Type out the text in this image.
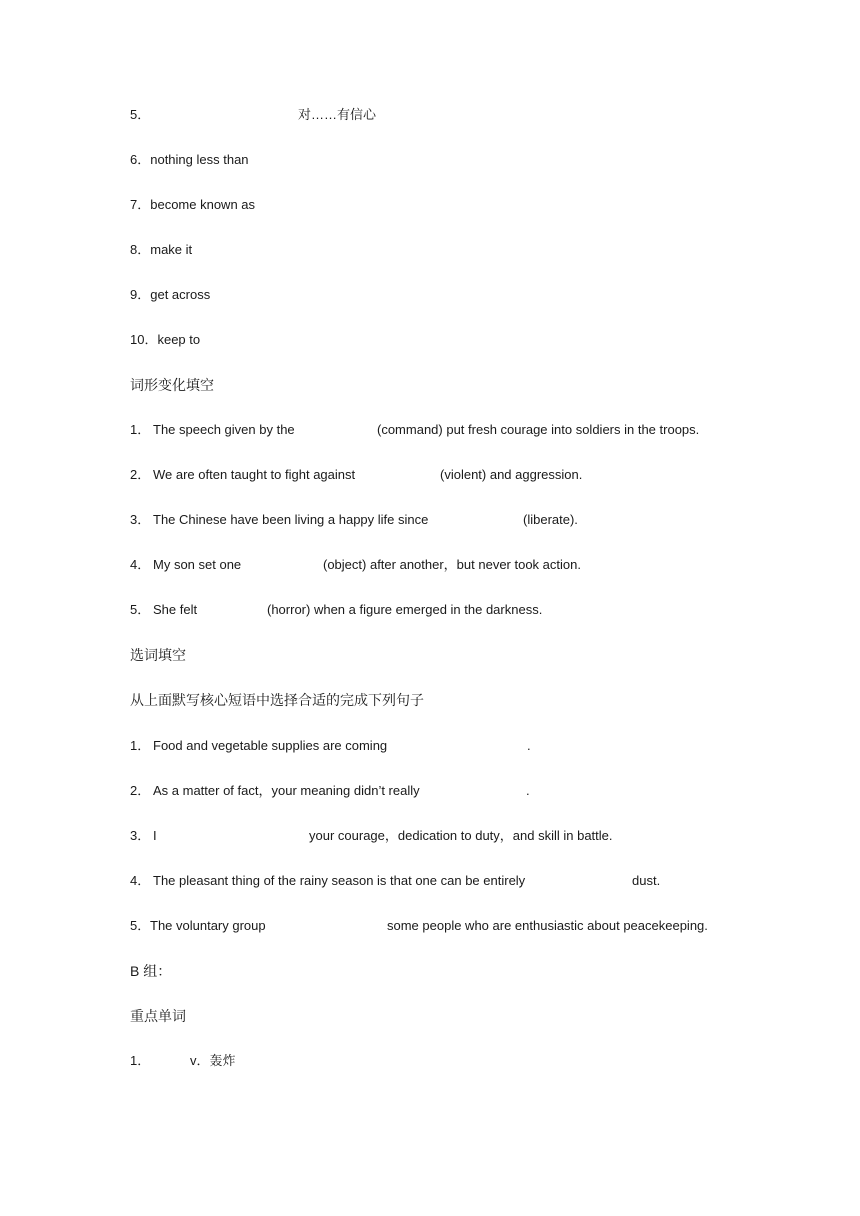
5．	对……有信心
6．nothing less than
7．become known as
8．make it
9．get across
10．keep to
词形变化填空
1． The speech given by the	(command) put fresh courage into soldiers in the troops.
2． We are often taught to fight against	(violent) and aggression.
3． The Chinese have been living a happy life since	(liberate).
4． My son set one	(object) after another，but never took action.
5． She felt	(horror) when a figure emerged in the darkness.
选词填空
从上面默写核心短语中选择合适的完成下列句子
1． Food and vegetable supplies are coming	.
2． As a matter of fact，your meaning didn’t really	.
3． I	your courage，dedication to duty，and skill in battle.
4． The pleasant thing of the rainy season is that one can be entirely	dust.
5． The voluntary group	some people who are enthusiastic about peacekeeping.
B 组：
重点单词
1．	v．轰炸
